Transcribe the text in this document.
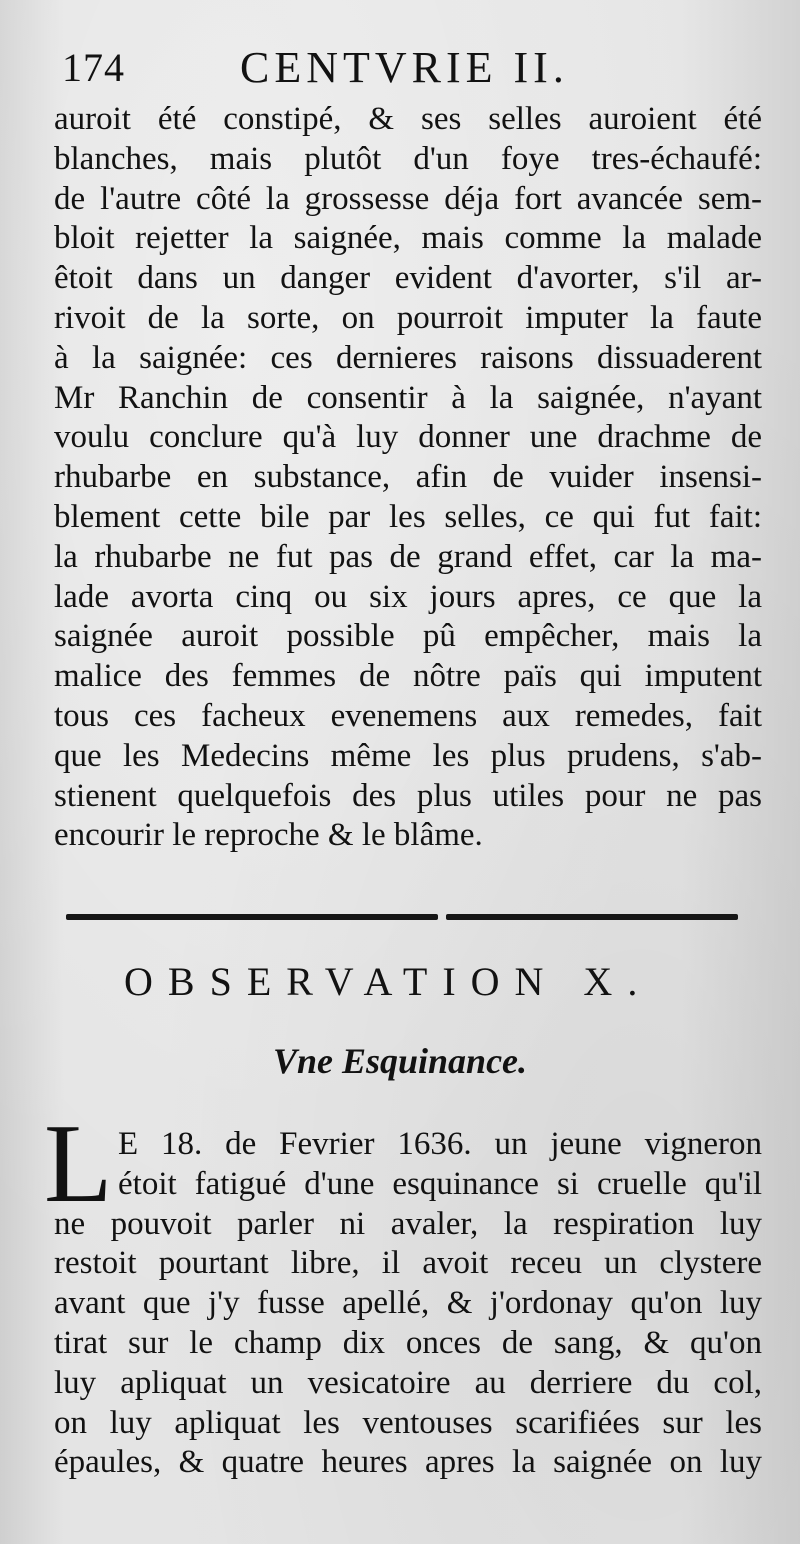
174	CENTVRIE II.
auroit été constipé, & ses selles auroient été
blanches, mais plutôt d'un foye tres-échaufé:
de l'autre côté la grossesse déja fort avancée sem-
bloit rejetter la saignée, mais comme la malade
êtoit dans un danger evident d'avorter, s'il ar-
rivoit de la sorte, on pourroit imputer la faute
à la saignée: ces dernieres raisons dissuaderent
Mr Ranchin de consentir à la saignée, n'ayant
voulu conclure qu'à luy donner une drachme de
rhubarbe en substance, afin de vuider insensi-
blement cette bile par les selles, ce qui fut fait:
la rhubarbe ne fut pas de grand effet, car la ma-
lade avorta cinq ou six jours apres, ce que la
saignée auroit possible pû empêcher, mais la
malice des femmes de nôtre païs qui imputent
tous ces facheux evenemens aux remedes, fait
que les Medecins même les plus prudens, s'ab-
stienent quelquefois des plus utiles pour ne pas
encourir le reproche & le blâme.
OBSERVATION X.
Vne Esquinance.
L E 18. de Fevrier 1636. un jeune vigneron
étoit fatigué d'une esquinance si cruelle qu'il
ne pouvoit parler ni avaler, la respiration luy
restoit pourtant libre, il avoit receu un clystere
avant que j'y fusse apellé, & j'ordonay qu'on luy
tirat sur le champ dix onces de sang, & qu'on
luy apliquat un vesicatoire au derriere du col,
on luy apliquat les ventouses scarifiées sur les
épaules, & quatre heures apres la saignée on luy
